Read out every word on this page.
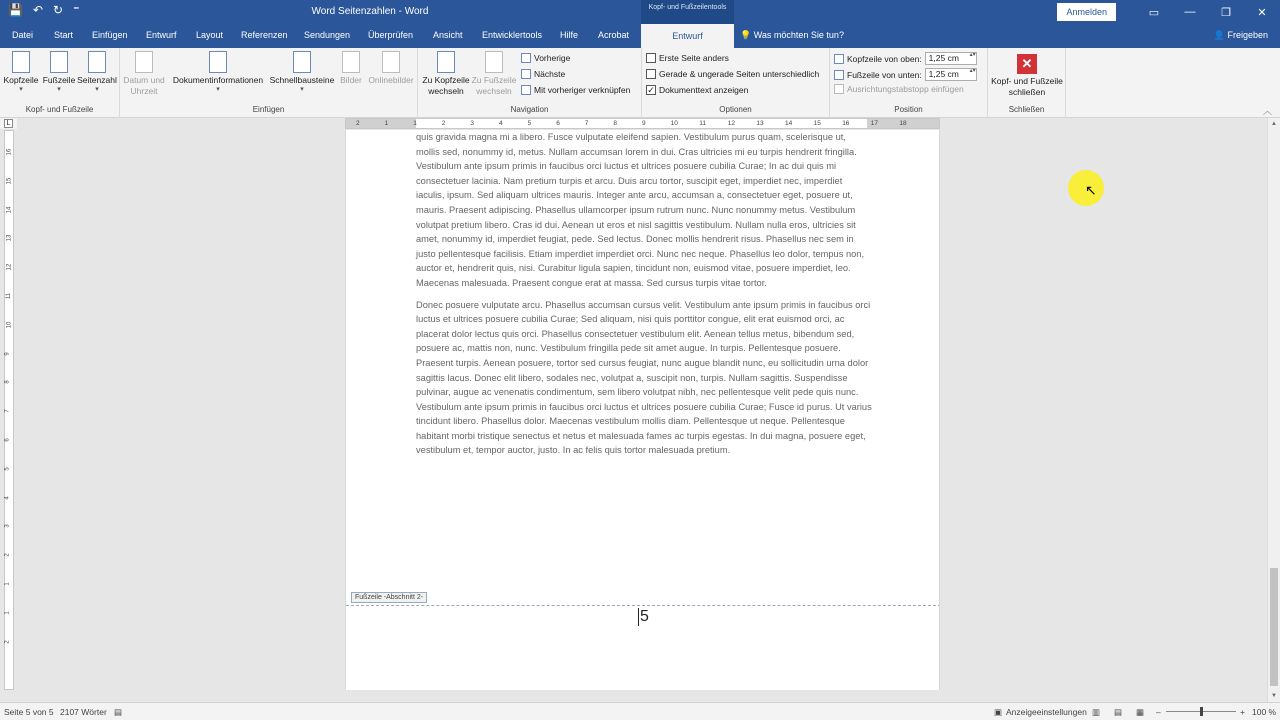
💾 ↶ ↻ ⁼	Word Seitenzahlen - Word	Anmelden	▭	—	❐	✕
Datei Start Einfügen Entwurf Layout Referenzen Sendungen Überprüfen Ansicht Entwicklertools Hilfe Acrobat	Entwurf	💡 Was möchten Sie tun?	👤 Freigeben
Kopf- und Fußzeilentools
Kopfzeile
▾
Fußzeile
▾
Seitenzahl
▾
Kopf- und Fußzeile
Datum und Uhrzeit
Dokumentinformationen
▾
Schnellbausteine
▾
Bilder Onlinebilder
Einfügen
Zu Kopfzeile wechseln
Zu Fußzeile wechseln
Vorherige
Nächste
Mit vorheriger verknüpfen
Navigation
Erste Seite anders
Gerade & ungerade Seiten unterschiedlich
✓ Dokumenttext anzeigen
Optionen
Kopfzeile von oben: 1,25 cm ▴▾
Fußzeile von unten: 1,25 cm ▴▾
Ausrichtungstabstopp einfügen
Position
✕
Kopf- und Fußzeile schließen
Schließen	︿
L	2	1	1	2	3	4	5	6	7	8	9	10	11	12	13	14	15	16	17	18
16
15
14
13
12
11
10
9
8
7
6
5
4
3
2
1
1
2

quis gravida magna mi a libero. Fusce vulputate eleifend sapien. Vestibulum purus quam, scelerisque ut, mollis sed, nonummy id, metus. Nullam accumsan lorem in dui. Cras ultricies mi eu turpis hendrerit fringilla. Vestibulum ante ipsum primis in faucibus orci luctus et ultrices posuere cubilia Curae; In ac dui quis mi consectetuer lacinia. Nam pretium turpis et arcu. Duis arcu tortor, suscipit eget, imperdiet nec, imperdiet iaculis, ipsum. Sed aliquam ultrices mauris. Integer ante arcu, accumsan a, consectetuer eget, posuere ut, mauris. Praesent adipiscing. Phasellus ullamcorper ipsum rutrum nunc. Nunc nonummy metus. Vestibulum volutpat pretium libero. Cras id dui. Aenean ut eros et nisl sagittis vestibulum. Nullam nulla eros, ultricies sit amet, nonummy id, imperdiet feugiat, pede. Sed lectus. Donec mollis hendrerit risus. Phasellus nec sem in justo pellentesque facilisis. Etiam imperdiet imperdiet orci. Nunc nec neque. Phasellus leo dolor, tempus non, auctor et, hendrerit quis, nisi. Curabitur ligula sapien, tincidunt non, euismod vitae, posuere imperdiet, leo. Maecenas malesuada. Praesent congue erat at massa. Sed cursus turpis vitae tortor.

Donec posuere vulputate arcu. Phasellus accumsan cursus velit. Vestibulum ante ipsum primis in faucibus orci luctus et ultrices posuere cubilia Curae; Sed aliquam, nisi quis porttitor congue, elit erat euismod orci, ac placerat dolor lectus quis orci. Phasellus consectetuer vestibulum elit. Aenean tellus metus, bibendum sed, posuere ac, mattis non, nunc. Vestibulum fringilla pede sit amet augue. In turpis. Pellentesque posuere. Praesent turpis. Aenean posuere, tortor sed cursus feugiat, nunc augue blandit nunc, eu sollicitudin urna dolor sagittis lacus. Donec elit libero, sodales nec, volutpat a, suscipit non, turpis. Nullam sagittis. Suspendisse pulvinar, augue ac venenatis condimentum, sem libero volutpat nibh, nec pellentesque velit pede quis nunc. Vestibulum ante ipsum primis in faucibus orci luctus et ultrices posuere cubilia Curae; Fusce id purus. Ut varius tincidunt libero. Phasellus dolor. Maecenas vestibulum mollis diam. Pellentesque ut neque. Pellentesque habitant morbi tristique senectus et netus et malesuada fames ac turpis egestas. In dui magna, posuere eget, vestibulum et, tempor auctor, justo. In ac felis quis tortor malesuada pretium.

Fußzeile -Abschnitt 2-
5
▲
▼
↖
Seite 5 von 5 2107 Wörter ▤	▣ Anzeigeeinstellungen ▥ ▤ ▦ –	+ 100 %
